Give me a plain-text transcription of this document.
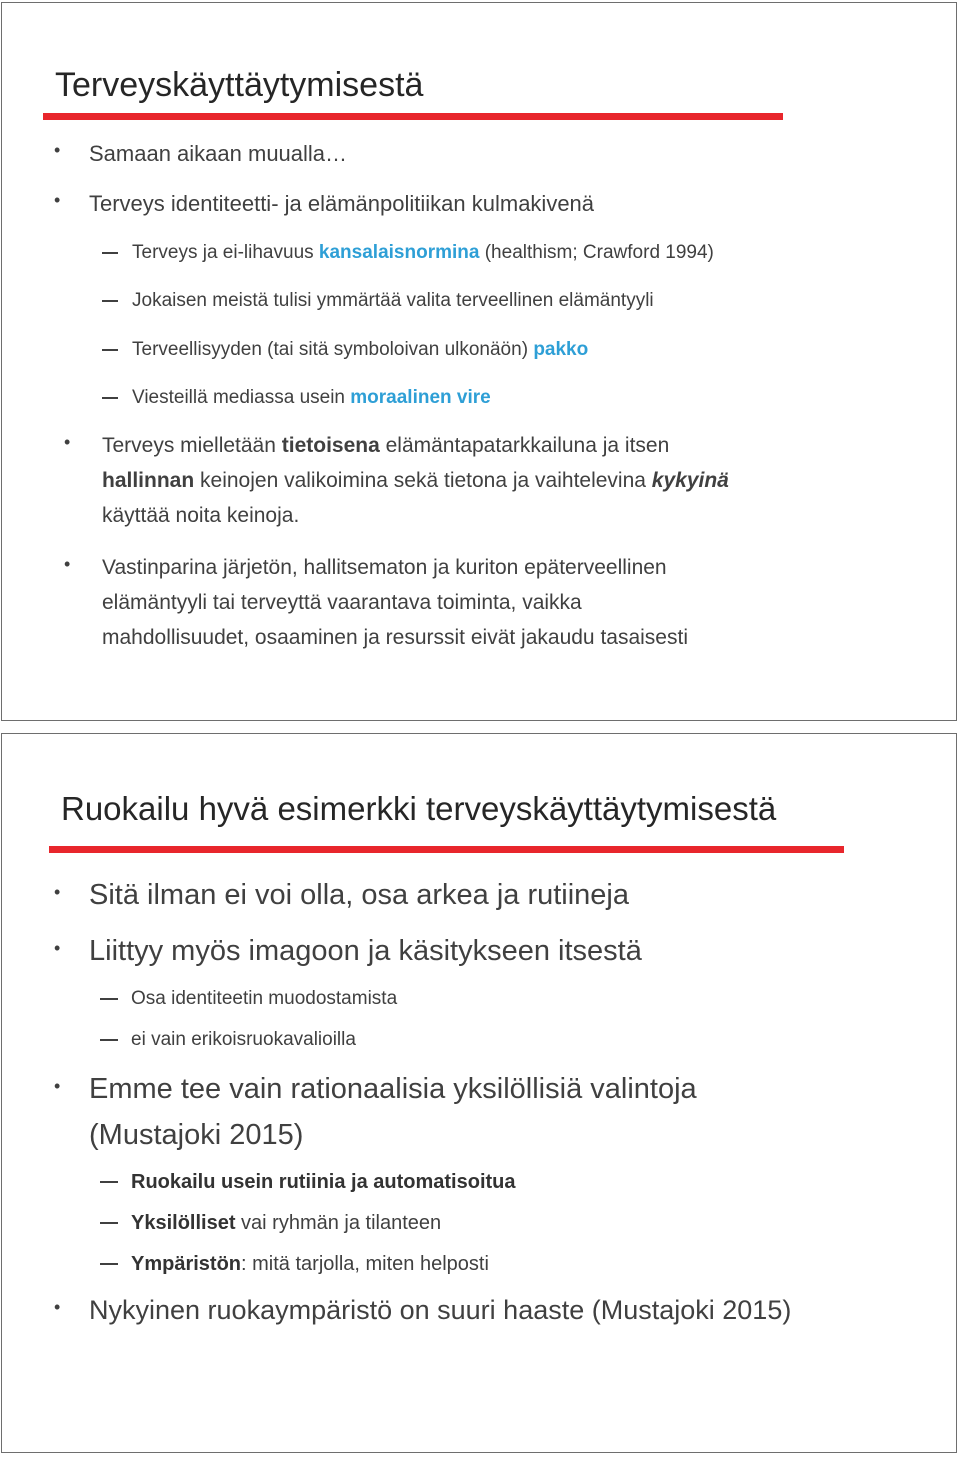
Terveyskäyttäytymisestä
• Samaan aikaan muualla…

• Terveys identiteetti- ja elämänpolitiikan kulmakivenä

Terveys ja ei-lihavuus kansalaisnormina (healthism; Crawford 1994)

Jokaisen meistä tulisi ymmärtää valita terveellinen elämäntyyli

Terveellisyyden (tai sitä symboloivan ulkonäön) pakko

Viesteillä mediassa usein moraalinen vire

• Terveys mielletään tietoisena elämäntapatarkkailuna ja itsen

hallinnan keinojen valikoimina sekä tietona ja vaihtelevina kykyinä

käyttää noita keinoja.

• Vastinparina järjetön, hallitsematon ja kuriton epäterveellinen

elämäntyyli tai terveyttä vaarantava toiminta, vaikka

mahdollisuudet, osaaminen ja resurssit eivät jakaudu tasaisesti

Ruokailu hyvä esimerkki terveyskäyttäytymisestä
• Sitä ilman ei voi olla, osa arkea ja rutiineja

• Liittyy myös imagoon ja käsitykseen itsestä

Osa identiteetin muodostamista

ei vain erikoisruokavalioilla

• Emme tee vain rationaalisia yksilöllisiä valintoja

(Mustajoki 2015)

Ruokailu usein rutiinia ja automatisoitua

Yksilölliset vai ryhmän ja tilanteen

Ympäristön: mitä tarjolla, miten helposti

• Nykyinen ruokaympäristö on suuri haaste (Mustajoki 2015)
